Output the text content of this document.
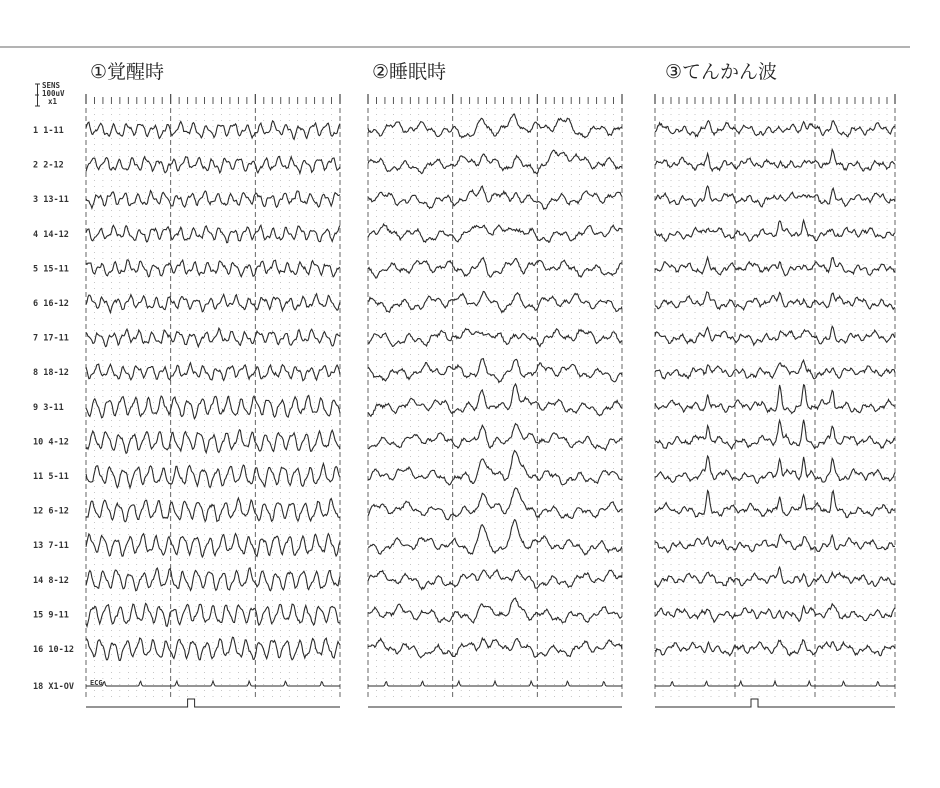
SENS
100uV
x1
1 1-11
2 2-12
3 13-11
4 14-12
5 15-11
6 16-12
7 17-11
8 18-12
9 3-11
10 4-12
11 5-11
12 6-12
13 7-11
14 8-12
15 9-11
16 10-12
18 X1-OV
①覚醒時
ECG
②睡眠時	③てんかん波
